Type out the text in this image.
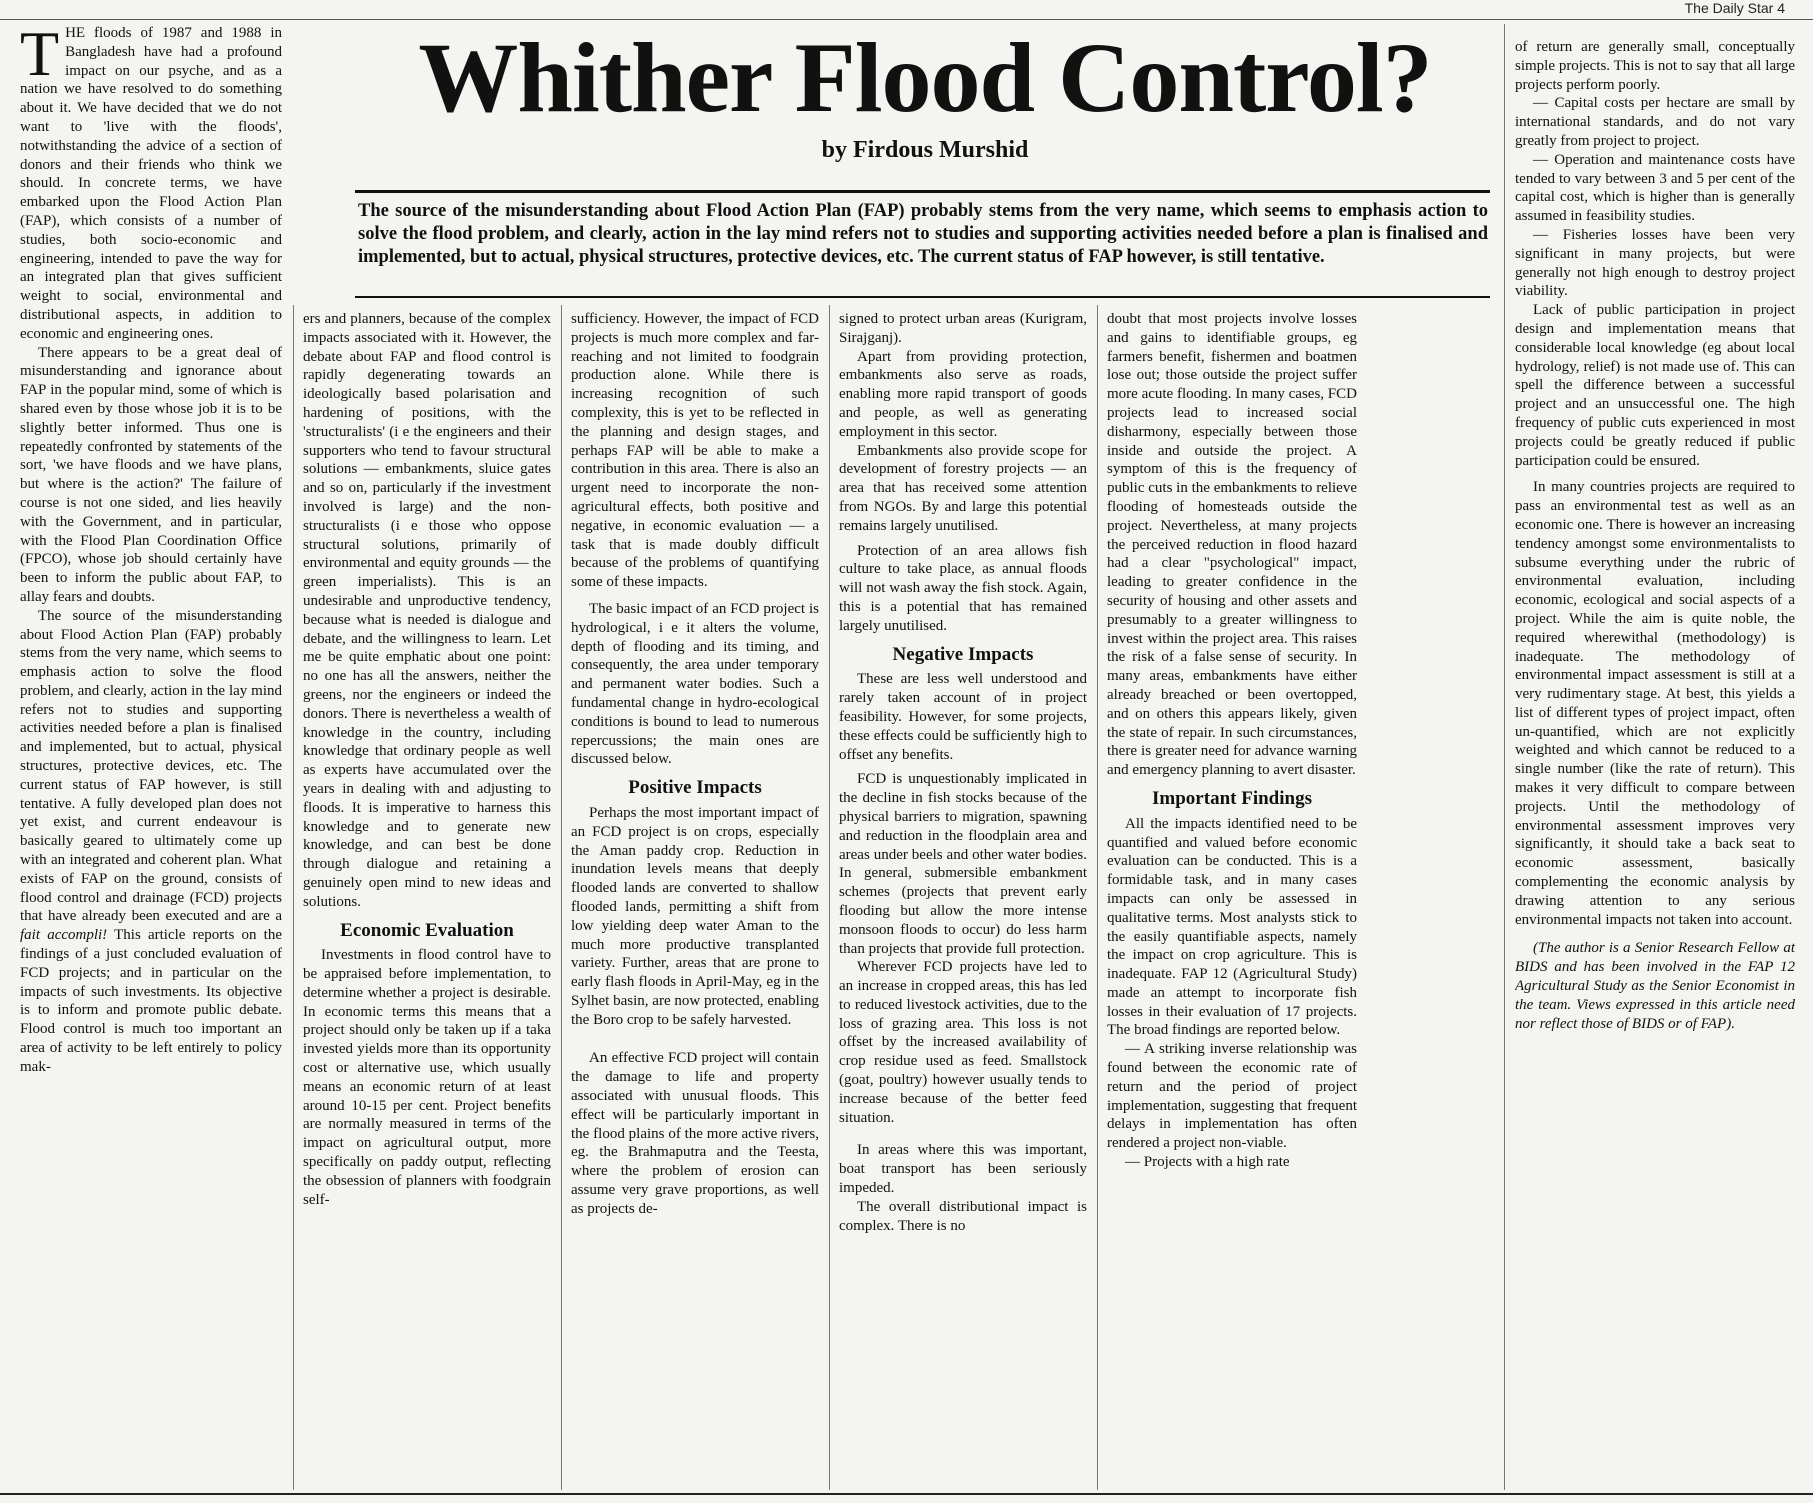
The Daily Star 4
Whither Flood Control?
by Firdous Murshid
The source of the misunderstanding about Flood Action Plan (FAP) probably stems from the very name, which seems to emphasis action to solve the flood problem, and clearly, action in the lay mind refers not to studies and supporting activities needed before a plan is finalised and implemented, but to actual, physical structures, protective devices, etc. The current status of FAP however, is still tentative.

THE floods of 1987 and 1988 in Bangladesh have had a profound impact on our psyche, and as a nation we have resolved to do something about it. We have decided that we do not want to 'live with the floods', notwithstanding the advice of a section of donors and their friends who think we should. In concrete terms, we have embarked upon the Flood Action Plan (FAP), which consists of a number of studies, both socio-economic and engineering, intended to pave the way for an integrated plan that gives sufficient weight to social, environmental and distributional aspects, in addition to economic and engineering ones.

There appears to be a great deal of misunderstanding and ignorance about FAP in the popular mind, some of which is shared even by those whose job it is to be slightly better informed. Thus one is repeatedly confronted by statements of the sort, 'we have floods and we have plans, but where is the action?' The failure of course is not one sided, and lies heavily with the Government, and in particular, with the Flood Plan Coordination Office (FPCO), whose job should certainly have been to inform the public about FAP, to allay fears and doubts.

The source of the misunderstanding about Flood Action Plan (FAP) probably stems from the very name, which seems to emphasis action to solve the flood problem, and clearly, action in the lay mind refers not to studies and supporting activities needed before a plan is finalised and implemented, but to actual, physical structures, protective devices, etc. The current status of FAP however, is still tentative. A fully developed plan does not yet exist, and current endeavour is basically geared to ultimately come up with an integrated and coherent plan. What exists of FAP on the ground, consists of flood control and drainage (FCD) projects that have already been executed and are a fait accompli! This article reports on the findings of a just concluded evaluation of FCD projects; and in particular on the impacts of such investments. Its objective is to inform and promote public debate. Flood control is much too important an area of activity to be left entirely to policy mak-

ers and planners, because of the complex impacts associated with it. However, the debate about FAP and flood control is rapidly degenerating towards an ideologically based polarisation and hardening of positions, with the 'structuralists' (i e the engineers and their supporters who tend to favour structural solutions — embankments, sluice gates and so on, particularly if the investment involved is large) and the non-structuralists (i e those who oppose structural solutions, primarily of environmental and equity grounds — the green imperialists). This is an undesirable and unproductive tendency, because what is needed is dialogue and debate, and the willingness to learn. Let me be quite emphatic about one point: no one has all the answers, neither the greens, nor the engineers or indeed the donors. There is nevertheless a wealth of knowledge in the country, including knowledge that ordinary people as well as experts have accumulated over the years in dealing with and adjusting to floods. It is imperative to harness this knowledge and to generate new knowledge, and can best be done through dialogue and retaining a genuinely open mind to new ideas and solutions.

Economic Evaluation

Investments in flood control have to be appraised before implementation, to determine whether a project is desirable. In economic terms this means that a project should only be taken up if a taka invested yields more than its opportunity cost or alternative use, which usually means an economic return of at least around 10-15 per cent. Project benefits are normally measured in terms of the impact on agricultural output, more specifically on paddy output, reflecting the obsession of planners with foodgrain self-

sufficiency. However, the impact of FCD projects is much more complex and far-reaching and not limited to foodgrain production alone. While there is increasing recognition of such complexity, this is yet to be reflected in the planning and design stages, and perhaps FAP will be able to make a contribution in this area. There is also an urgent need to incorporate the non-agricultural effects, both positive and negative, in economic evaluation — a task that is made doubly difficult because of the problems of quantifying some of these impacts.

The basic impact of an FCD project is hydrological, i e it alters the volume, depth of flooding and its timing, and consequently, the area under temporary and permanent water bodies. Such a fundamental change in hydro-ecological conditions is bound to lead to numerous repercussions; the main ones are discussed below.

Positive Impacts

Perhaps the most important impact of an FCD project is on crops, especially the Aman paddy crop. Reduction in inundation levels means that deeply flooded lands are converted to shallow flooded lands, permitting a shift from low yielding deep water Aman to the much more productive transplanted variety. Further, areas that are prone to early flash floods in April-May, eg in the Sylhet basin, are now protected, enabling the Boro crop to be safely harvested.

An effective FCD project will contain the damage to life and property associated with unusual floods. This effect will be particularly important in the flood plains of the more active rivers, eg. the Brahmaputra and the Teesta, where the problem of erosion can assume very grave proportions, as well as projects de-

signed to protect urban areas (Kurigram, Sirajganj).

Apart from providing protection, embankments also serve as roads, enabling more rapid transport of goods and people, as well as generating employment in this sector.

Embankments also provide scope for development of forestry projects — an area that has received some attention from NGOs. By and large this potential remains largely unutilised.

Protection of an area allows fish culture to take place, as annual floods will not wash away the fish stock. Again, this is a potential that has remained largely unutilised.

Negative Impacts

These are less well understood and rarely taken account of in project feasibility. However, for some projects, these effects could be sufficiently high to offset any benefits.

FCD is unquestionably implicated in the decline in fish stocks because of the physical barriers to migration, spawning and reduction in the floodplain area and areas under beels and other water bodies. In general, submersible embankment schemes (projects that prevent early flooding but allow the more intense monsoon floods to occur) do less harm than projects that provide full protection.

Wherever FCD projects have led to an increase in cropped areas, this has led to reduced livestock activities, due to the loss of grazing area. This loss is not offset by the increased availability of crop residue used as feed. Smallstock (goat, poultry) however usually tends to increase because of the better feed situation.

In areas where this was important, boat transport has been seriously impeded.

The overall distributional impact is complex. There is no

doubt that most projects involve losses and gains to identifiable groups, eg farmers benefit, fishermen and boatmen lose out; those outside the project suffer more acute flooding. In many cases, FCD projects lead to increased social disharmony, especially between those inside and outside the project. A symptom of this is the frequency of public cuts in the embankments to relieve flooding of homesteads outside the project. Nevertheless, at many projects the perceived reduction in flood hazard had a clear "psychological" impact, leading to greater confidence in the security of housing and other assets and presumably to a greater willingness to invest within the project area. This raises the risk of a false sense of security. In many areas, embankments have either already breached or been overtopped, and on others this appears likely, given the state of repair. In such circumstances, there is greater need for advance warning and emergency planning to avert disaster.

Important Findings

All the impacts identified need to be quantified and valued before economic evaluation can be conducted. This is a formidable task, and in many cases impacts can only be assessed in qualitative terms. Most analysts stick to the easily quantifiable aspects, namely the impact on crop agriculture. This is inadequate. FAP 12 (Agricultural Study) made an attempt to incorporate fish losses in their evaluation of 17 projects. The broad findings are reported below.

— A striking inverse relationship was found between the economic rate of return and the period of project implementation, suggesting that frequent delays in implementation has often rendered a project non-viable.

— Projects with a high rate

of return are generally small, conceptually simple projects. This is not to say that all large projects perform poorly.

— Capital costs per hectare are small by international standards, and do not vary greatly from project to project.

— Operation and maintenance costs have tended to vary between 3 and 5 per cent of the capital cost, which is higher than is generally assumed in feasibility studies.

— Fisheries losses have been very significant in many projects, but were generally not high enough to destroy project viability.

Lack of public participation in project design and implementation means that considerable local knowledge (eg about local hydrology, relief) is not made use of. This can spell the difference between a successful project and an unsuccessful one. The high frequency of public cuts experienced in most projects could be greatly reduced if public participation could be ensured.

In many countries projects are required to pass an environmental test as well as an economic one. There is however an increasing tendency amongst some environmentalists to subsume everything under the rubric of environmental evaluation, including economic, ecological and social aspects of a project. While the aim is quite noble, the required wherewithal (methodology) is inadequate. The methodology of environmental impact assessment is still at a very rudimentary stage. At best, this yields a list of different types of project impact, often un-quantified, which are not explicitly weighted and which cannot be reduced to a single number (like the rate of return). This makes it very difficult to compare between projects. Until the methodology of environmental assessment improves very significantly, it should take a back seat to economic assessment, basically complementing the economic analysis by drawing attention to any serious environmental impacts not taken into account.

(The author is a Senior Research Fellow at BIDS and has been involved in the FAP 12 Agricultural Study as the Senior Economist in the team. Views expressed in this article need nor reflect those of BIDS or of FAP).
